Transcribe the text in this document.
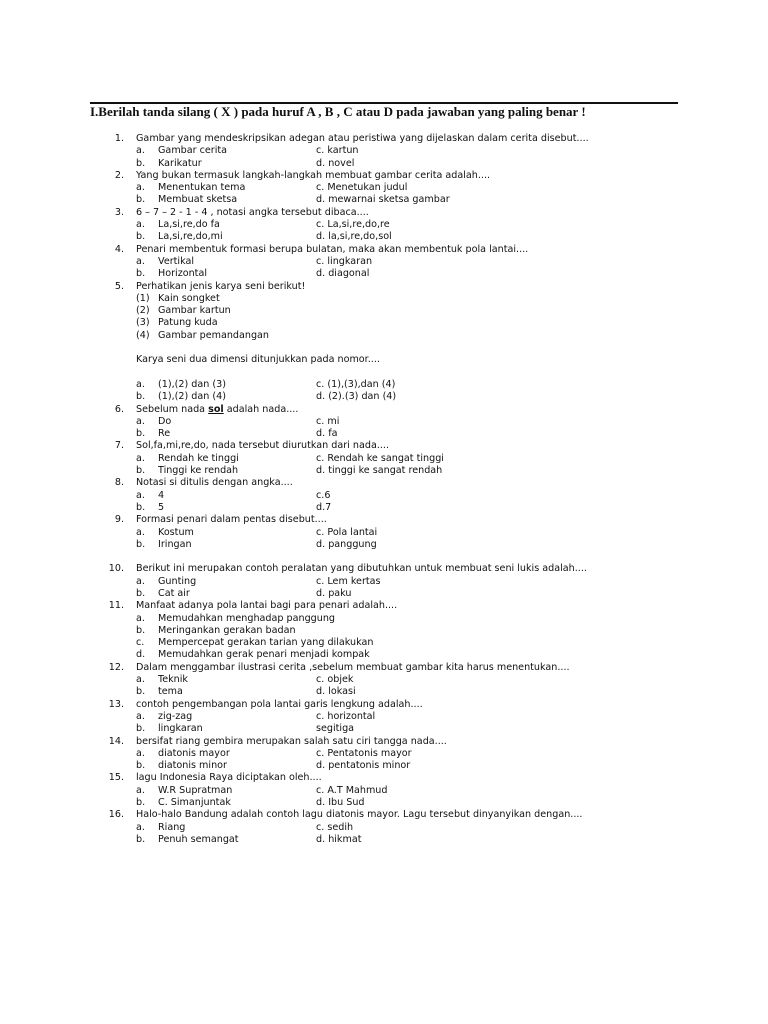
I.Berilah tanda silang ( X ) pada huruf A , B , C atau D pada jawaban yang paling benar !
1. Gambar yang mendeskripsikan adegan atau peristiwa yang dijelaskan dalam cerita disebut....
a. Gambar cerita	c. kartun
b. Karikatur	d. novel
2. Yang bukan termasuk langkah-langkah membuat gambar cerita adalah....
a. Menentukan tema	c. Menetukan judul
b. Membuat sketsa	d. mewarnai sketsa gambar
3. 6 – 7 – 2 - 1 - 4 , notasi angka tersebut dibaca....
a. La,si,re,do fa	c. La,si,re,do,re
b. La,si,re,do,mi	d. la,si,re,do,sol
4. Penari membentuk formasi berupa bulatan, maka akan membentuk pola lantai....
a. Vertikal	c. lingkaran
b. Horizontal	d. diagonal
5. Perhatikan jenis karya seni berikut!
(1) Kain songket
(2) Gambar kartun
(3) Patung kuda
(4) Gambar pemandangan
Karya seni dua dimensi ditunjukkan pada nomor....
a. (1),(2) dan (3)	c. (1),(3),dan (4)
b. (1),(2) dan (4)	d. (2).(3) dan (4)
6. Sebelum nada sol adalah nada....
a. Do	c. mi
b. Re	d. fa
7. Sol,fa,mi,re,do, nada tersebut diurutkan dari nada....
a. Rendah ke tinggi	c. Rendah ke sangat tinggi
b. Tinggi ke rendah	d. tinggi ke sangat rendah
8. Notasi si ditulis dengan angka....
a. 4	c.6
b. 5	d.7
9. Formasi penari dalam pentas disebut....
a. Kostum	c. Pola lantai
b. Iringan	d. panggung
10. Berikut ini merupakan contoh peralatan yang dibutuhkan untuk membuat seni lukis adalah....
a. Gunting	c. Lem kertas
b. Cat air	d. paku
11. Manfaat adanya pola lantai bagi para penari adalah....
a. Memudahkan menghadap panggung
b. Meringankan gerakan badan
c. Mempercepat gerakan tarian yang dilakukan
d. Memudahkan gerak penari menjadi kompak
12. Dalam menggambar ilustrasi cerita ,sebelum membuat gambar kita harus menentukan....
a. Teknik	c. objek
b. tema	d. lokasi
13. contoh pengembangan pola lantai garis lengkung adalah....
a. zig-zag	c. horizontal
b. lingkaran	segitiga
14. bersifat riang gembira merupakan salah satu ciri tangga nada....
a. diatonis mayor	c. Pentatonis mayor
b. diatonis minor	d. pentatonis minor
15. lagu Indonesia Raya diciptakan oleh....
a. W.R Supratman	c. A.T Mahmud
b. C. Simanjuntak	d. Ibu Sud
16. Halo-halo Bandung adalah contoh lagu diatonis mayor. Lagu tersebut dinyanyikan dengan....
a. Riang	c. sedih
b. Penuh semangat	d. hikmat
